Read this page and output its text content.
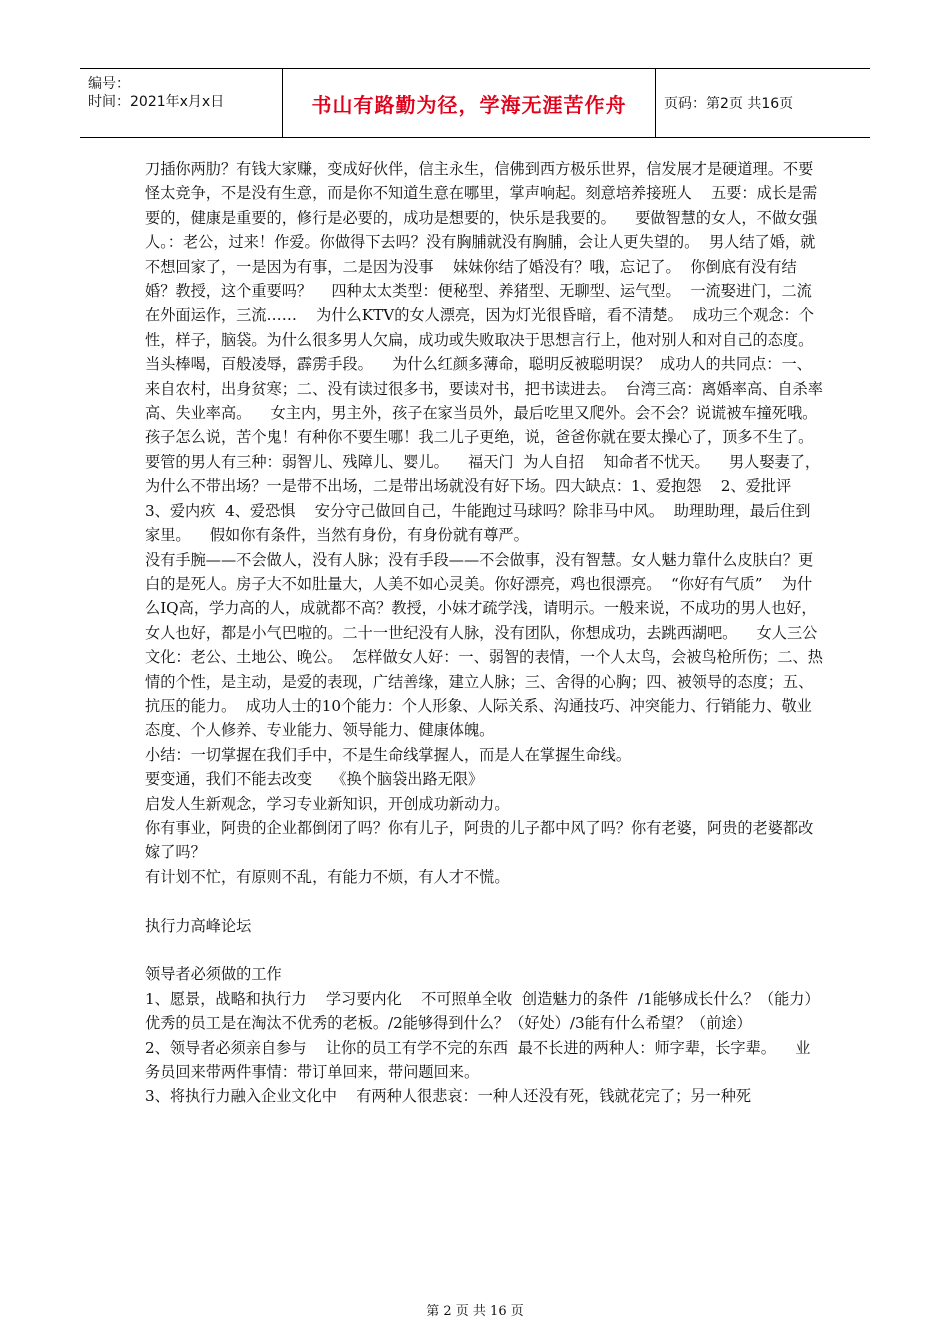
编号：
时间：2021年x月x日	书山有路勤为径，学海无涯苦作舟	页码：第2页 共16页

刀插你两肋？有钱大家赚，变成好伙伴，信主永生，信佛到西方极乐世界，信发展才是硬道理。不要怪太竞争，不是没有生意，而是你不知道生意在哪里，掌声响起。刻意培养接班人    五要：成长是需要的，健康是重要的，修行是必要的，成功是想要的，快乐是我要的。    要做智慧的女人，不做女强人。：老公，过来！作爱。你做得下去吗？没有胸脯就没有胸脯，会让人更失望的。  男人结了婚，就不想回家了，一是因为有事，二是因为没事    妹妹你结了婚没有？哦，忘记了。  你倒底有没有结婚？教授，这个重要吗？    四种太太类型：便秘型、养猪型、无聊型、运气型。  一流娶进门，二流在外面运作，三流……    为什么KTV的女人漂亮，因为灯光很昏暗，看不清楚。  成功三个观念：个性，样子，脑袋。为什么很多男人欠扁，成功或失败取决于思想言行上，他对别人和对自己的态度。    当头棒喝，百般凌辱，霹雳手段。    为什么红颜多薄命，聪明反被聪明误？  成功人的共同点：一、来自农村，出身贫寒；二、没有读过很多书，要读对书，把书读进去。  台湾三高：离婚率高、自杀率高、失业率高。    女主内，男主外，孩子在家当员外，最后吃里又爬外。会不会？说谎被车撞死哦。    孩子怎么说，苦个鬼！有种你不要生哪！我二儿子更绝，说，爸爸你就在要太操心了，顶多不生了。  要管的男人有三种：弱智儿、残障儿、婴儿。    福天门  为人自招    知命者不忧天。    男人娶妻了，为什么不带出场？一是带不出场，二是带出场就没有好下场。四大缺点：1、爱抱怨    2、爱批评    3、爱内疚  4、爱恐惧    安分守己做回自己，牛能跑过马球吗？除非马中风。  助理助理，最后住到家里。    假如你有条件，当然有身份，有身份就有尊严。

没有手腕——不会做人，没有人脉；没有手段——不会做事，没有智慧。女人魅力靠什么皮肤白？更白的是死人。房子大不如肚量大，人美不如心灵美。你好漂亮，鸡也很漂亮。  “你好有气质”    为什么IQ高，学力高的人，成就都不高？教授，小妹才疏学浅，请明示。一般来说，不成功的男人也好，女人也好，都是小气巴啦的。二十一世纪没有人脉，没有团队，你想成功，去跳西湖吧。    女人三公文化：老公、土地公、晚公。  怎样做女人好：一、弱智的表情，一个人太鸟，会被鸟枪所伤；二、热情的个性，是主动，是爱的表现，广结善缘，建立人脉；三、舍得的心胸；四、被领导的态度；五、抗压的能力。  成功人士的10个能力：个人形象、人际关系、沟通技巧、冲突能力、行销能力、敬业态度、个人修养、专业能力、领导能力、健康体魄。

小结：一切掌握在我们手中，不是生命线掌握人，而是人在掌握生命线。

要变通，我们不能去改变    《换个脑袋出路无限》

启发人生新观念，学习专业新知识，开创成功新动力。

你有事业，阿贵的企业都倒闭了吗？你有儿子，阿贵的儿子都中风了吗？你有老婆，阿贵的老婆都改嫁了吗？

有计划不忙，有原则不乱，有能力不烦，有人才不慌。

执行力高峰论坛

领导者必须做的工作

1、愿景，战略和执行力    学习要内化    不可照单全收  创造魅力的条件  /1能够成长什么？（能力）优秀的员工是在淘汰不优秀的老板。/2能够得到什么？（好处）/3能有什么希望？（前途）

2、领导者必须亲自参与    让你的员工有学不完的东西  最不长进的两种人：师字辈，长字辈。    业务员回来带两件事情：带订单回来，带问题回来。

3、将执行力融入企业文化中    有两种人很悲哀：一种人还没有死，钱就花完了；另一种死

第 2 页 共 16 页
